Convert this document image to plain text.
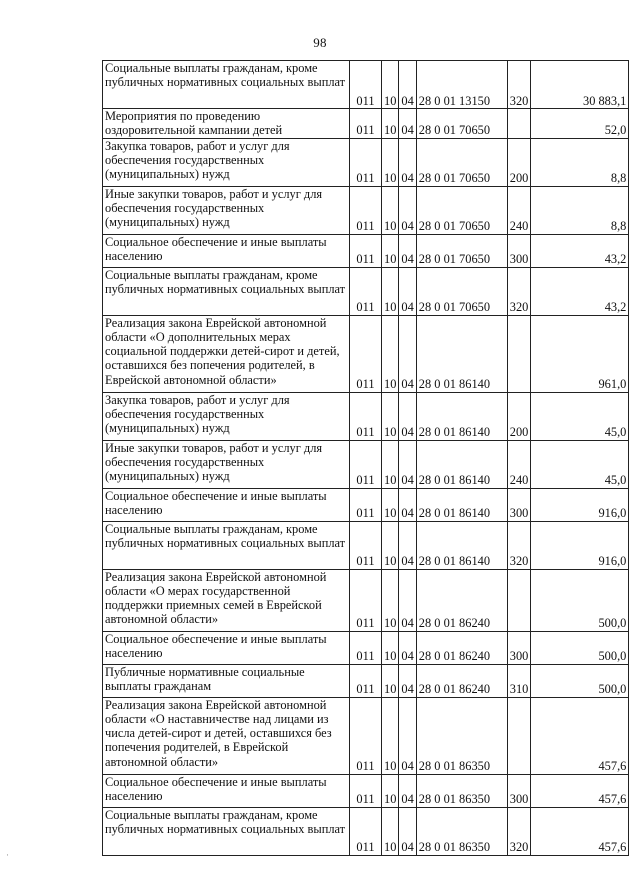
98
Социальные выплаты гражданам, кроме публичных нормативных социальных выплат	011	10	04	28 0 01 13150	320	30 883,1
Мероприятия по проведению оздоровительной кампании детей	011	10	04	28 0 01 70650		52,0
Закупка товаров, работ и услуг для обеспечения государственных (муниципальных) нужд	011	10	04	28 0 01 70650	200	8,8
Иные закупки товаров, работ и услуг для обеспечения государственных (муниципальных) нужд	011	10	04	28 0 01 70650	240	8,8
Социальное обеспечение и иные выплаты населению	011	10	04	28 0 01 70650	300	43,2
Социальные выплаты гражданам, кроме публичных нормативных социальных выплат	011	10	04	28 0 01 70650	320	43,2
Реализация закона Еврейской автономной области «О дополнительных мерах социальной поддержки детей-сирот и детей, оставшихся без попечения родителей, в Еврейской автономной области»	011	10	04	28 0 01 86140		961,0
Закупка товаров, работ и услуг для обеспечения государственных (муниципальных) нужд	011	10	04	28 0 01 86140	200	45,0
Иные закупки товаров, работ и услуг для обеспечения государственных (муниципальных) нужд	011	10	04	28 0 01 86140	240	45,0
Социальное обеспечение и иные выплаты населению	011	10	04	28 0 01 86140	300	916,0
Социальные выплаты гражданам, кроме публичных нормативных социальных выплат	011	10	04	28 0 01 86140	320	916,0
Реализация закона Еврейской автономной области «О мерах государственной поддержки приемных семей в Еврейской автономной области»	011	10	04	28 0 01 86240		500,0
Социальное обеспечение и иные выплаты населению	011	10	04	28 0 01 86240	300	500,0
Публичные нормативные социальные выплаты гражданам	011	10	04	28 0 01 86240	310	500,0
Реализация закона Еврейской автономной области «О наставничестве над лицами из числа детей-сирот и детей, оставшихся без попечения родителей, в Еврейской автономной области»	011	10	04	28 0 01 86350		457,6
Социальное обеспечение и иные выплаты населению	011	10	04	28 0 01 86350	300	457,6
Социальные выплаты гражданам, кроме публичных нормативных социальных выплат	011	10	04	28 0 01 86350	320	457,6
·
